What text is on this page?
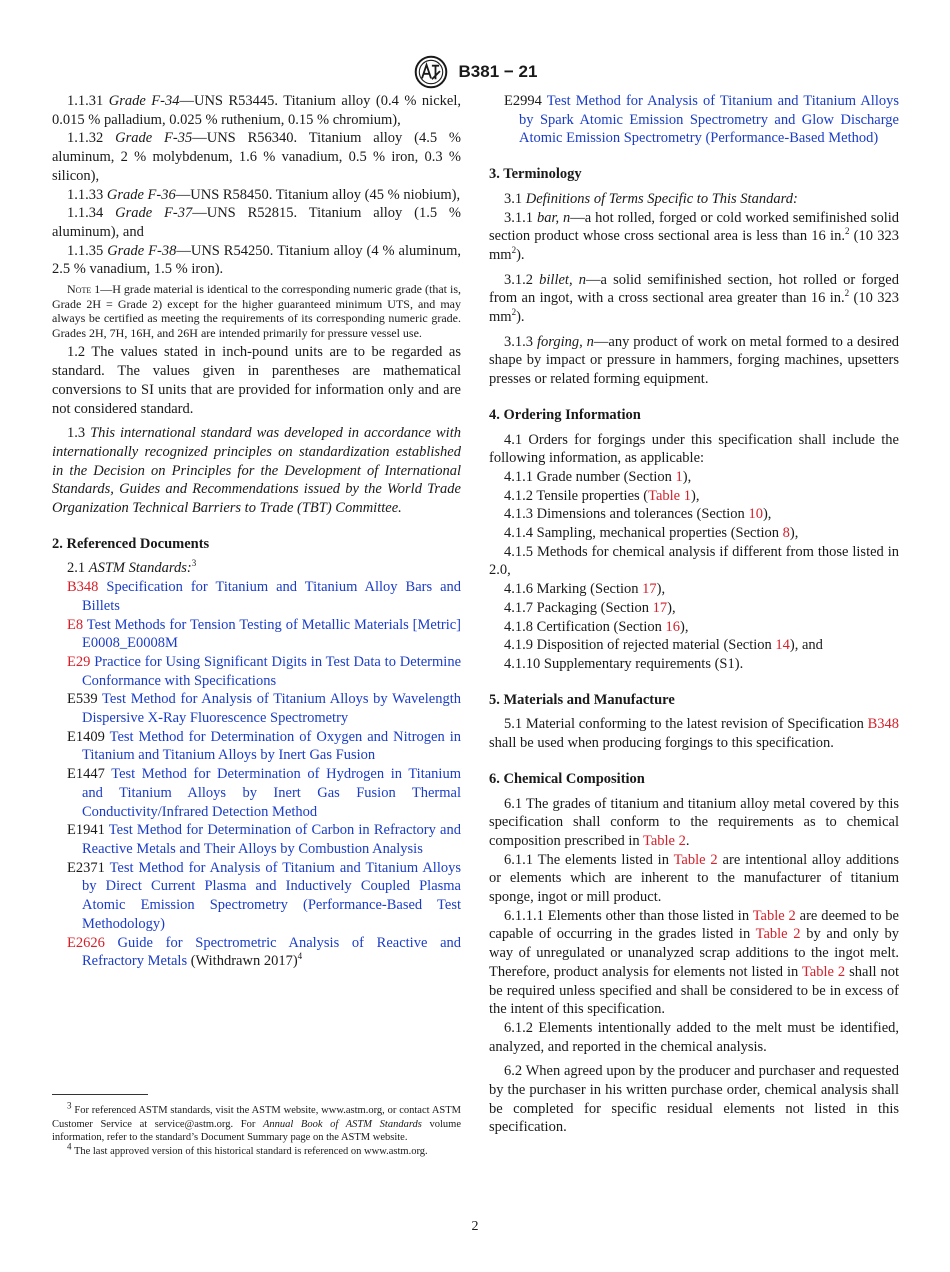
B381 − 21

1.1.31 Grade F-34—UNS R53445. Titanium alloy (0.4 % nickel, 0.015 % palladium, 0.025 % ruthenium, 0.15 % chromium),

1.1.32 Grade F-35—UNS R56340. Titanium alloy (4.5 % aluminum, 2 % molybdenum, 1.6 % vanadium, 0.5 % iron, 0.3 % silicon),

1.1.33 Grade F-36—UNS R58450. Titanium alloy (45 % niobium),

1.1.34 Grade F-37—UNS R52815. Titanium alloy (1.5 % aluminum), and

1.1.35 Grade F-38—UNS R54250. Titanium alloy (4 % aluminum, 2.5 % vanadium, 1.5 % iron).

Note 1—H grade material is identical to the corresponding numeric grade (that is, Grade 2H = Grade 2) except for the higher guaranteed minimum UTS, and may always be certified as meeting the requirements of its corresponding numeric grade. Grades 2H, 7H, 16H, and 26H are intended primarily for pressure vessel use.

1.2 The values stated in inch-pound units are to be regarded as standard. The values given in parentheses are mathematical conversions to SI units that are provided for information only and are not considered standard.

1.3 This international standard was developed in accordance with internationally recognized principles on standardization established in the Decision on Principles for the Development of International Standards, Guides and Recommendations issued by the World Trade Organization Technical Barriers to Trade (TBT) Committee.

2. Referenced Documents

2.1 ASTM Standards:$^3$

B348 Specification for Titanium and Titanium Alloy Bars and Billets

E8 Test Methods for Tension Testing of Metallic Materials [Metric] E0008_E0008M

E29 Practice for Using Significant Digits in Test Data to Determine Conformance with Specifications

E539 Test Method for Analysis of Titanium Alloys by Wavelength Dispersive X-Ray Fluorescence Spectrometry

E1409 Test Method for Determination of Oxygen and Nitrogen in Titanium and Titanium Alloys by Inert Gas Fusion

E1447 Test Method for Determination of Hydrogen in Titanium and Titanium Alloys by Inert Gas Fusion Thermal Conductivity/Infrared Detection Method

E1941 Test Method for Determination of Carbon in Refractory and Reactive Metals and Their Alloys by Combustion Analysis

E2371 Test Method for Analysis of Titanium and Titanium Alloys by Direct Current Plasma and Inductively Coupled Plasma Atomic Emission Spectrometry (Performance-Based Test Methodology)

E2626 Guide for Spectrometric Analysis of Reactive and Refractory Metals (Withdrawn 2017)$^4$

$^3$ For referenced ASTM standards, visit the ASTM website, www.astm.org, or contact ASTM Customer Service at service@astm.org. For Annual Book of ASTM Standards volume information, refer to the standard’s Document Summary page on the ASTM website.

$^4$ The last approved version of this historical standard is referenced on www.astm.org.

E2994 Test Method for Analysis of Titanium and Titanium Alloys by Spark Atomic Emission Spectrometry and Glow Discharge Atomic Emission Spectrometry (Performance-Based Method)

3. Terminology

3.1 Definitions of Terms Specific to This Standard:

3.1.1 bar, n—a hot rolled, forged or cold worked semifinished solid section product whose cross sectional area is less than 16 in.$^2$ (10 323 $mm^2$).

3.1.2 billet, n—a solid semifinished section, hot rolled or forged from an ingot, with a cross sectional area greater than 16 in.$^2$ (10 323 $mm^2$).

3.1.3 forging, n—any product of work on metal formed to a desired shape by impact or pressure in hammers, forging machines, upsetters presses or related forming equipment.

4. Ordering Information

4.1 Orders for forgings under this specification shall include the following information, as applicable:

4.1.1 Grade number (Section 1),

4.1.2 Tensile properties (Table 1),

4.1.3 Dimensions and tolerances (Section 10),

4.1.4 Sampling, mechanical properties (Section 8),

4.1.5 Methods for chemical analysis if different from those listed in 2.0,

4.1.6 Marking (Section 17),

4.1.7 Packaging (Section 17),

4.1.8 Certification (Section 16),

4.1.9 Disposition of rejected material (Section 14), and

4.1.10 Supplementary requirements (S1).

5. Materials and Manufacture

5.1 Material conforming to the latest revision of Specification B348 shall be used when producing forgings to this specification.

6. Chemical Composition

6.1 The grades of titanium and titanium alloy metal covered by this specification shall conform to the requirements as to chemical composition prescribed in Table 2.

6.1.1 The elements listed in Table 2 are intentional alloy additions or elements which are inherent to the manufacturer of titanium sponge, ingot or mill product.

6.1.1.1 Elements other than those listed in Table 2 are deemed to be capable of occurring in the grades listed in Table 2 by and only by way of unregulated or unanalyzed scrap additions to the ingot melt. Therefore, product analysis for elements not listed in Table 2 shall not be required unless specified and shall be considered to be in excess of the intent of this specification.

6.1.2 Elements intentionally added to the melt must be identified, analyzed, and reported in the chemical analysis.

6.2 When agreed upon by the producer and purchaser and requested by the purchaser in his written purchase order, chemical analysis shall be completed for specific residual elements not listed in this specification.

2
